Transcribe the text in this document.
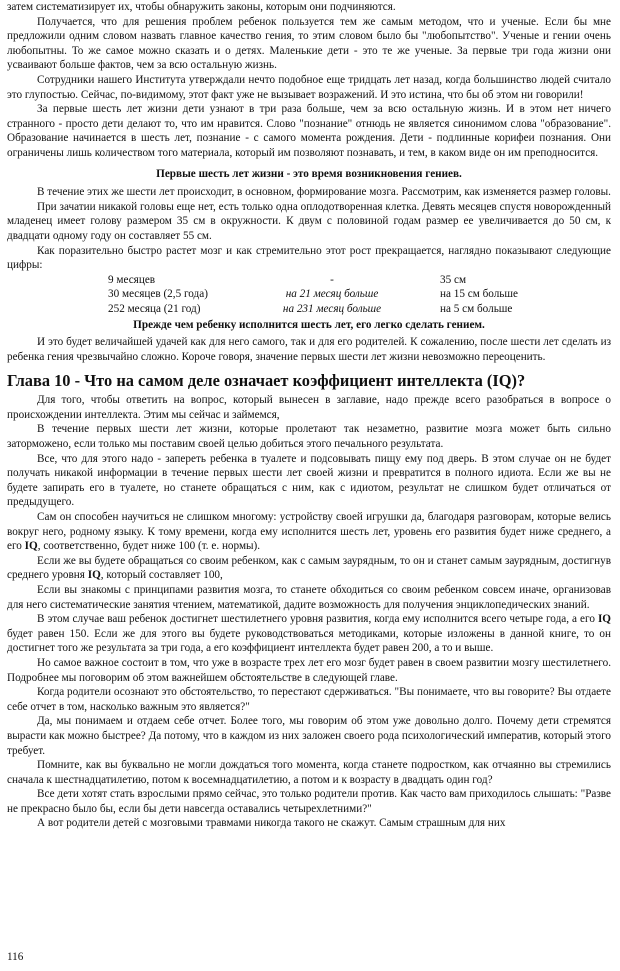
затем систематизирует их, чтобы обнаружить законы, которым они подчиняются.

Получается, что для решения проблем ребенок пользуется тем же самым методом, что и ученые. Если бы мне предложили одним словом назвать главное качество гения, то этим словом было бы "любопытство". Ученые и гении очень любопытны. То же самое можно сказать и о детях. Маленькие дети - это те же ученые. За первые три года жизни они усваивают больше фактов, чем за всю остальную жизнь.

Сотрудники нашего Института утверждали нечто подобное еще тридцать лет назад, когда большинство людей считало это глупостью. Сейчас, по-видимому, этот факт уже не вызывает возражений. И это истина, что бы об этом ни говорили!

За первые шесть лет жизни дети узнают в три раза больше, чем за всю остальную жизнь. И в этом нет ничего странного - просто дети делают то, что им нравится. Слово "познание" отнюдь не является синонимом слова "образование". Образование начинается в шесть лет, познание - с самого момента рождения. Дети - подлинные корифеи познания. Они ограничены лишь количеством того материала, который им позволяют познавать, и тем, в каком виде он им преподносится.

Первые шесть лет жизни - это время возникновения гениев.

В течение этих же шести лет происходит, в основном, формирование мозга. Рассмотрим, как изменяется размер головы.

При зачатии никакой головы еще нет, есть только одна оплодотворенная клетка. Девять месяцев спустя новорожденный младенец имеет голову размером 35 см в окружности. К двум с половиной годам размер ее увеличивается до 50 см, к двадцати одному году он составляет 55 см.

Как поразительно быстро растет мозг и как стремительно этот рост прекращается, наглядно показывают следующие цифры:

9 месяцев	-	35 см
30 месяцев (2,5 года)	на 21 месяц больше	на 15 см больше
252 месяца (21 год)	на 231 месяц больше	на 5 см больше

Прежде чем ребенку исполнится шесть лет, его легко сделать гением.

И это будет величайшей удачей как для него самого, так и для его родителей. К сожалению, после шести лет сделать из ребенка гения чрезвычайно сложно. Короче говоря, значение первых шести лет жизни невозможно переоценить.

Глава 10 - Что на самом деле означает коэффициент интеллекта (IQ)?

Для того, чтобы ответить на вопрос, который вынесен в заглавие, надо прежде всего разобраться в вопросе о происхождении интеллекта. Этим мы сейчас и займемся,

В течение первых шести лет жизни, которые пролетают так незаметно, развитие мозга может быть сильно заторможено, если только мы поставим своей целью добиться этого печального результата.

Все, что для этого надо - запереть ребенка в туалете и подсовывать пищу ему под дверь. В этом случае он не будет получать никакой информации в течение первых шести лет своей жизни и превратится в полного идиота. Если же вы не будете запирать его в туалете, но станете обращаться с ним, как с идиотом, результат не слишком будет отличаться от предыдущего.

Сам он способен научиться не слишком многому: устройству своей игрушки да, благодаря разговорам, которые велись вокруг него, родному языку. К тому времени, когда ему исполнится шесть лет, уровень его развития будет ниже среднего, а его IQ, соответственно, будет ниже 100 (т. е. нормы).

Если же вы будете обращаться со своим ребенком, как с самым заурядным, то он и станет самым заурядным, достигнув среднего уровня IQ, который составляет 100,

Если вы знакомы с принципами развития мозга, то станете обходиться со своим ребенком совсем иначе, организовав для него систематические занятия чтением, математикой, дадите возможность для получения энциклопедических знаний.

В этом случае ваш ребенок достигнет шестилетнего уровня развития, когда ему исполнится всего четыре года, а его IQ будет равен 150. Если же для этого вы будете руководствоваться методиками, которые изложены в данной книге, то он достигнет того же результата за три года, а его коэффициент интеллекта будет равен 200, а то и выше.

Но самое важное состоит в том, что уже в возрасте трех лет его мозг будет равен в своем развитии мозгу шестилетнего. Подробнее мы поговорим об этом важнейшем обстоятельстве в следующей главе.

Когда родители осознают это обстоятельство, то перестают сдерживаться. "Вы понимаете, что вы говорите? Вы отдаете себе отчет в том, насколько важным это является?"

Да, мы понимаем и отдаем себе отчет. Более того, мы говорим об этом уже довольно долго. Почему дети стремятся вырасти как можно быстрее? Да потому, что в каждом из них заложен своего рода психологический императив, который этого требует.

Помните, как вы буквально не могли дождаться того момента, когда станете подростком, как отчаянно вы стремились сначала к шестнадцатилетию, потом к восемнадцатилетию, а потом и к возрасту в двадцать один год?

Все дети хотят стать взрослыми прямо сейчас, это только родители против. Как часто вам приходилось слышать: "Разве не прекрасно было бы, если бы дети навсегда оставались четырехлетними?"

А вот родители детей с мозговыми травмами никогда такого не скажут. Самым страшным для них

116
